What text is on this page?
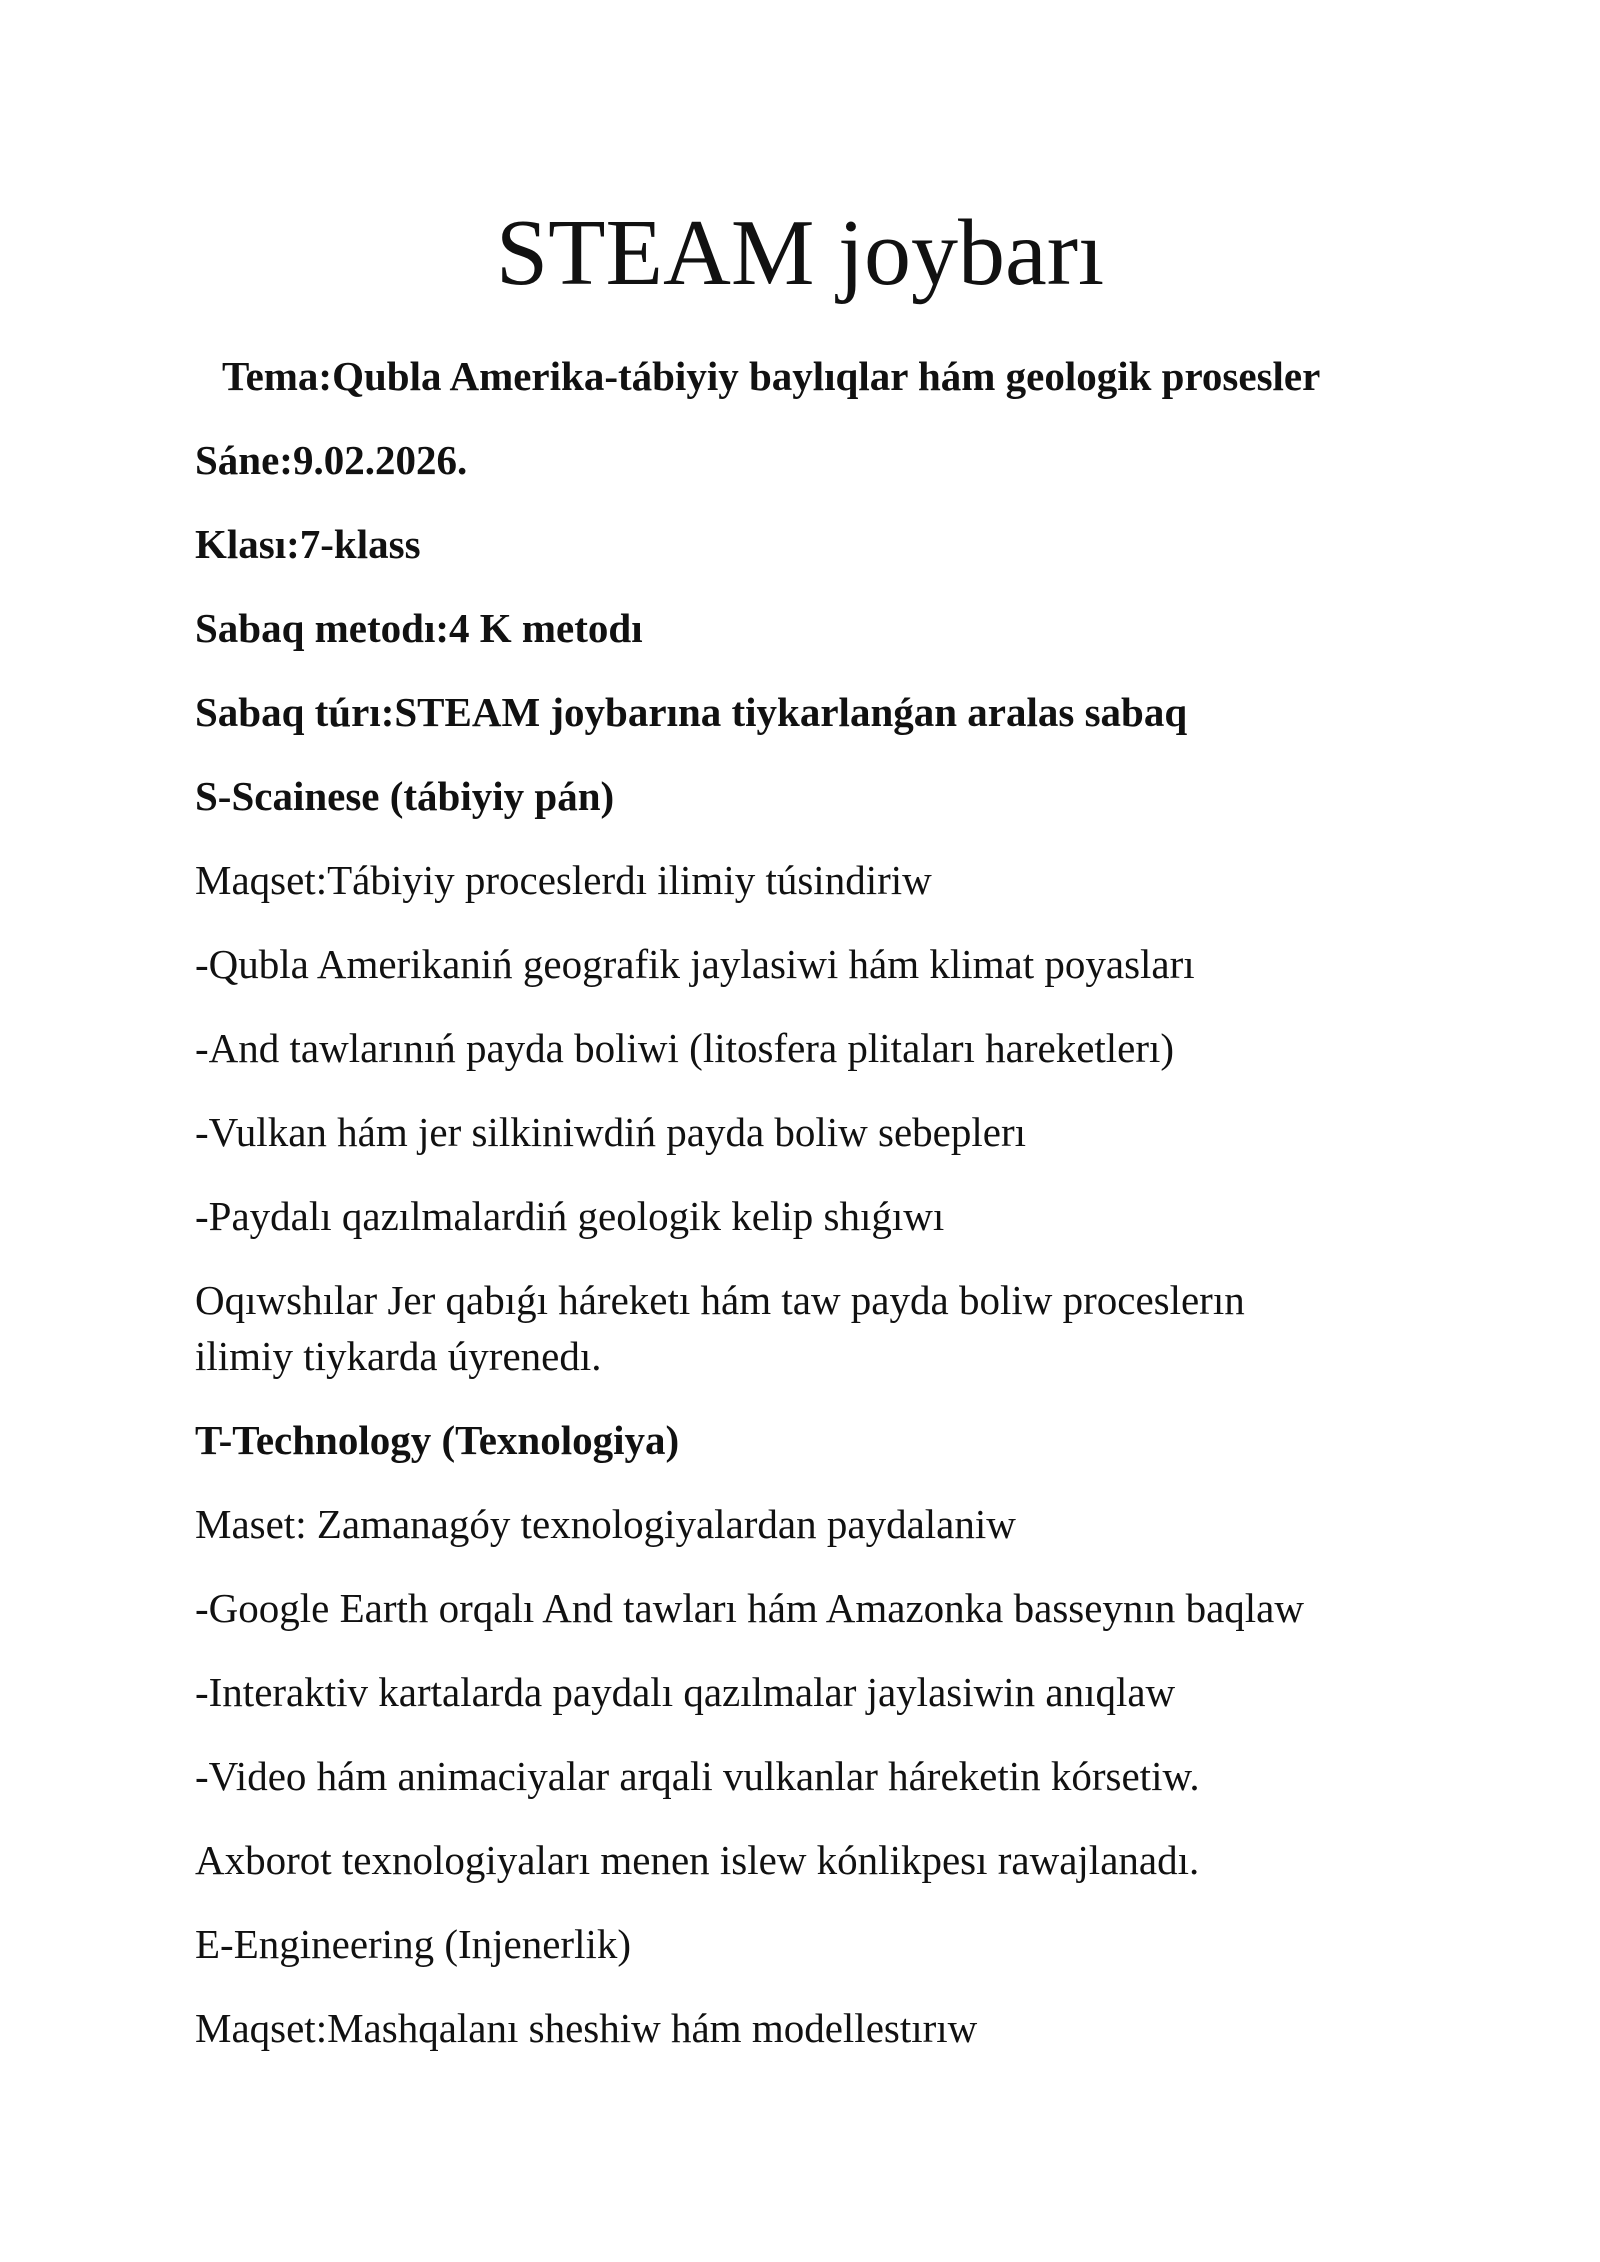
STEAM joybarı

Tema:Qubla Amerika-tábiyiy baylıqlar hám geologik prosesler

Sáne:9.02.2026.

Klası:7-klass

Sabaq metodı:4 K metodı

Sabaq túrı:STEAM joybarına tiykarlanǵan aralas sabaq

S-Scainese (tábiyiy pán)

Maqset:Tábiyiy proceslerdı ilimiy túsindiriw

-Qubla Amerikaniń geografik jaylasiwi hám klimat poyasları

-And tawlarınıń payda boliwi (litosfera plitaları hareketlerı)

-Vulkan hám jer silkiniwdiń payda boliw sebeplerı

-Paydalı qazılmalardiń geologik kelip shıǵıwı

Oqıwshılar Jer qabıǵı háreketı hám taw payda boliw proceslerın ilimiy tiykarda úyrenedı.

T-Technology (Texnologiya)

Maset: Zamanagóy texnologiyalardan paydalaniw

-Google Earth orqalı And tawları hám Amazonka basseynın baqlaw

-Interaktiv kartalarda paydalı qazılmalar jaylasiwin anıqlaw

-Video hám animaciyalar arqali vulkanlar háreketin kórsetiw.

Axborot texnologiyaları menen islew kónlikpesı rawajlanadı.

E-Engineering (Injenerlik)

Maqset:Mashqalanı sheshiw hám modellestırıw
